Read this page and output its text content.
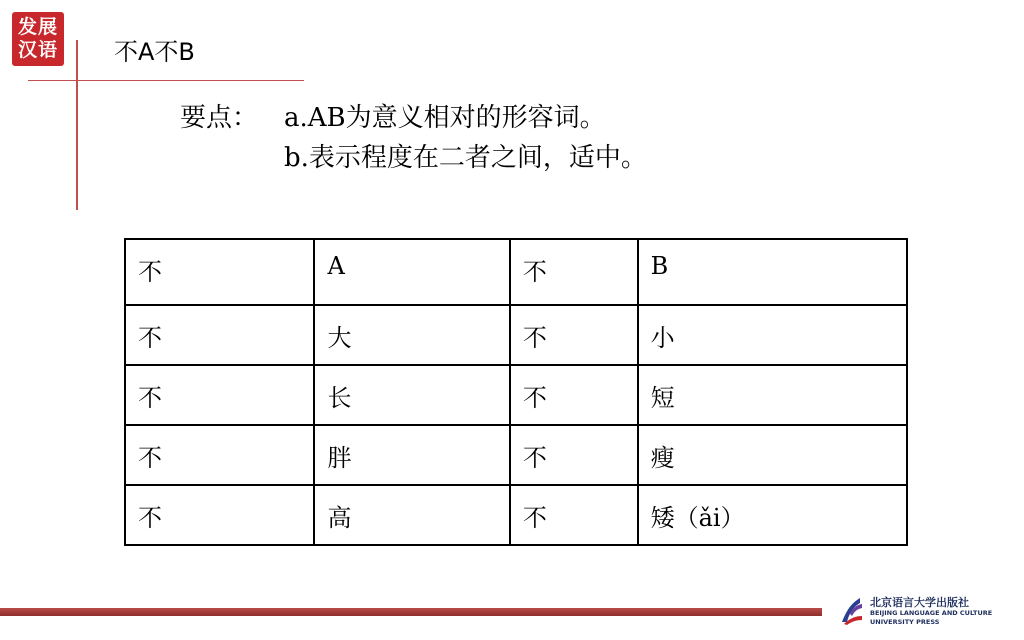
发展
汉语 不A不B
要点： a.AB为意义相对的形容词。
b.表示程度在二者之间，适中。
不	A	不	B
不	大	不	小
不	长	不	短
不	胖	不	瘦
不	高	不	矮（ǎi）
北京语言大学出版社
BEIJING LANGUAGE AND CULTURE
UNIVERSITY PRESS
